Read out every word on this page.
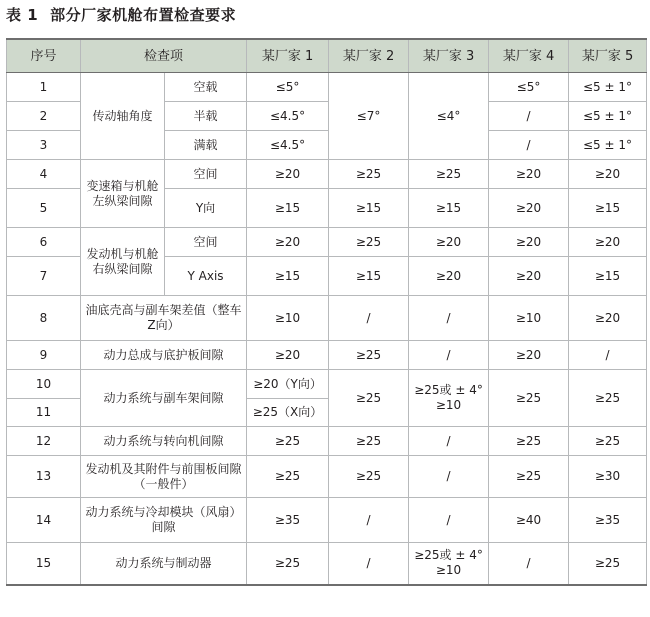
表 1 部分厂家机舱布置检查要求
序号	检查项		某厂家 1	某厂家 2	某厂家 3	某厂家 4	某厂家 5
1	传动轴角度	空载	≤5°	≤7°	≤4°	≤5°	≤5 ± 1°
2		半载	≤4.5°			/	≤5 ± 1°
3		满载	≤4.5°			/	≤5 ± 1°
4	变速箱与机舱左纵梁间隙	空间	≥20	≥25	≥25	≥20	≥20
5		Y向	≥15	≥15	≥15	≥20	≥15
6	发动机与机舱右纵梁间隙	空间	≥20	≥25	≥20	≥20	≥20
7		Y Axis	≥15	≥15	≥20	≥20	≥15
8	油底壳高与副车架差值（整车Z向）		≥10	/	/	≥10	≥20
9	动力总成与底护板间隙		≥20	≥25	/	≥20	/
10	动力系统与副车架间隙		≥20（Y向）	≥25	≥25或 ± 4° ≥10	≥25	≥25
11			≥25（X向）				
12	动力系统与转向机间隙		≥25	≥25	/	≥25	≥25
13	发动机及其附件与前围板间隙（一般件）		≥25	≥25	/	≥25	≥30
14	动力系统与冷却模块（风扇）间隙		≥35	/	/	≥40	≥35
15	动力系统与制动器		≥25	/	≥25或 ± 4° ≥10	/	≥25
